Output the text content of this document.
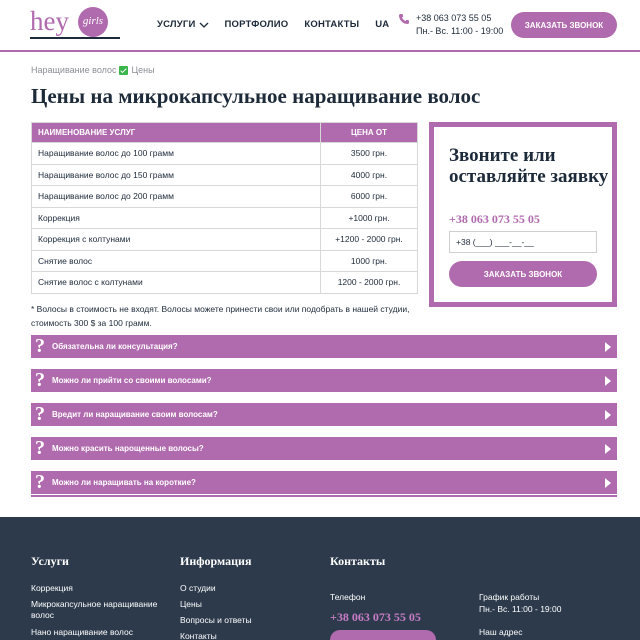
hey	girls	УСЛУГИ	ПОРТФОЛИО КОНТАКТЫ UA
+38 063 073 55 05
Пн.- Вс. 11:00 - 19:00
ЗАКАЗАТЬ ЗВОНОК
Наращивание волос Цены
Цены на микрокапсульное наращивание волос
НАИМЕНОВАНИЕ УСЛУГ	ЦЕНА ОТ
Наращивание волос до 100 грамм	3500 грн.
Наращивание волос до 150 грамм	4000 грн.
Наращивание волос до 200 грамм	6000 грн.
Коррекция	+1000 грн.
Коррекция с колтунами	+1200 - 2000 грн.
Снятие волос	1000 грн.
Снятие волос с колтунами	1200 - 2000 грн.

* Волосы в стоимость не входят. Волосы можете принести свои или подобрать в нашей студии, стоимость 300 $ за 100 грамм.

Звоните или оставляйте заявку
+38 063 073 55 05
+38 (___) ___-__-__
ЗАКАЗАТЬ ЗВОНОК
? Обязательна ли консультация?
? Можно ли прийти со своими волосами?
? Вредит ли наращивание своим волосам?
? Можно красить нарощенные волосы?
? Можно ли наращивать на короткие?
Услуги
Коррекция
Микрокапсульное наращивание волос
Нано наращивание волос
Информация
О студии
Цены
Вопросы и ответы
Контакты
Контакты
Телефон
+38 063 073 55 05
График работы
Пн.- Вс. 11:00 - 19:00
Наш адрес
